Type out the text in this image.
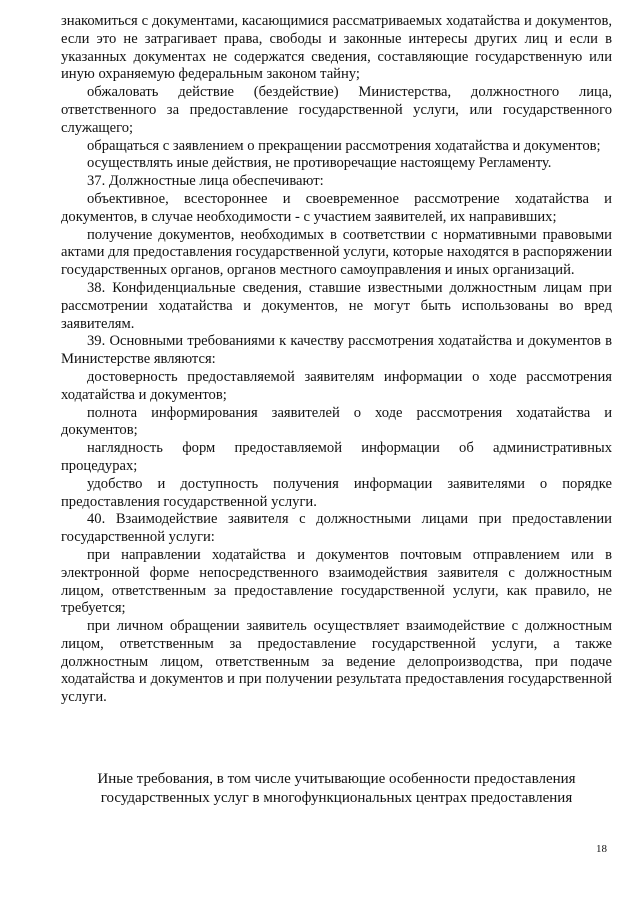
знакомиться с документами, касающимися рассматриваемых ходатайства и документов, если это не затрагивает права, свободы и законные интересы других лиц и если в указанных документах не содержатся сведения, составляющие государственную или иную охраняемую федеральным законом тайну;

обжаловать действие (бездействие) Министерства, должностного лица, ответственного за предоставление государственной услуги, или государственного служащего;

обращаться с заявлением о прекращении рассмотрения ходатайства и документов;

осуществлять иные действия, не противоречащие настоящему Регламенту.

37. Должностные лица обеспечивают:

объективное, всестороннее и своевременное рассмотрение ходатайства и документов, в случае необходимости - с участием заявителей, их направивших;

получение документов, необходимых в соответствии с нормативными правовыми актами для предоставления государственной услуги, которые находятся в распоряжении государственных органов, органов местного самоуправления и иных организаций.

38. Конфиденциальные сведения, ставшие известными должностным лицам при рассмотрении ходатайства и документов, не могут быть использованы во вред заявителям.

39. Основными требованиями к качеству рассмотрения ходатайства и документов в Министерстве являются:

достоверность предоставляемой заявителям информации о ходе рассмотрения ходатайства и документов;

полнота информирования заявителей о ходе рассмотрения ходатайства и документов;

наглядность форм предоставляемой информации об административных процедурах;

удобство и доступность получения информации заявителями о порядке предоставления государственной услуги.

40. Взаимодействие заявителя с должностными лицами при предоставлении государственной услуги:

при направлении ходатайства и документов почтовым отправлением или в электронной форме непосредственного взаимодействия заявителя с должностным лицом, ответственным за предоставление государственной услуги, как правило, не требуется;

при личном обращении заявитель осуществляет взаимодействие с должностным лицом, ответственным за предоставление государственной услуги, а также должностным лицом, ответственным за ведение делопроизводства, при подаче ходатайства и документов и при получении результата предоставления государственной услуги.

Иные требования, в том числе учитывающие особенности предоставления

государственных услуг в многофункциональных центрах предоставления

18
